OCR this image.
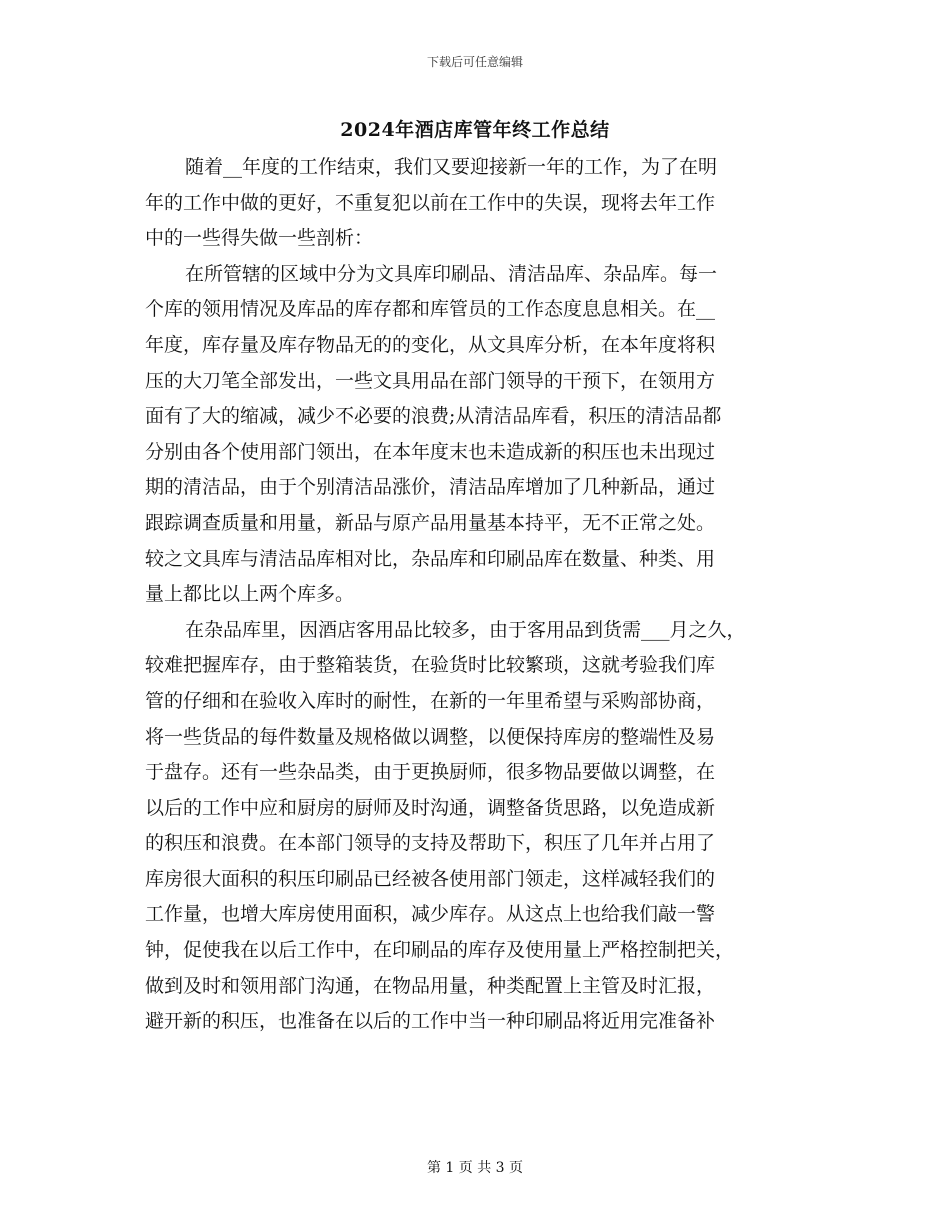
下载后可任意编辑
2024年酒店库管年终工作总结

随着__年度的工作结束，我们又要迎接新一年的工作，为了在明

年的工作中做的更好，不重复犯以前在工作中的失误，现将去年工作

中的一些得失做一些剖析：

在所管辖的区域中分为文具库印刷品、清洁品库、杂品库。每一

个库的领用情况及库品的库存都和库管员的工作态度息息相关。在__

年度，库存量及库存物品无的的变化，从文具库分析，在本年度将积

压的大刀笔全部发出，一些文具用品在部门领导的干预下，在领用方

面有了大的缩减，减少不必要的浪费;从清洁品库看，积压的清洁品都

分别由各个使用部门领出，在本年度末也未造成新的积压也未出现过

期的清洁品，由于个别清洁品涨价，清洁品库增加了几种新品，通过

跟踪调查质量和用量，新品与原产品用量基本持平，无不正常之处。

较之文具库与清洁品库相对比，杂品库和印刷品库在数量、种类、用

量上都比以上两个库多。

在杂品库里，因酒店客用品比较多，由于客用品到货需___月之久，

较难把握库存，由于整箱装货，在验货时比较繁琐，这就考验我们库

管的仔细和在验收入库时的耐性，在新的一年里希望与采购部协商，

将一些货品的每件数量及规格做以调整，以便保持库房的整端性及易

于盘存。还有一些杂品类，由于更换厨师，很多物品要做以调整，在

以后的工作中应和厨房的厨师及时沟通，调整备货思路，以免造成新

的积压和浪费。在本部门领导的支持及帮助下，积压了几年并占用了

库房很大面积的积压印刷品已经被各使用部门领走，这样减轻我们的

工作量，也增大库房使用面积，减少库存。从这点上也给我们敲一警

钟，促使我在以后工作中，在印刷品的库存及使用量上严格控制把关，

做到及时和领用部门沟通，在物品用量，种类配置上主管及时汇报，

避开新的积压，也准备在以后的工作中当一种印刷品将近用完准备补

第 1 页 共 3 页
